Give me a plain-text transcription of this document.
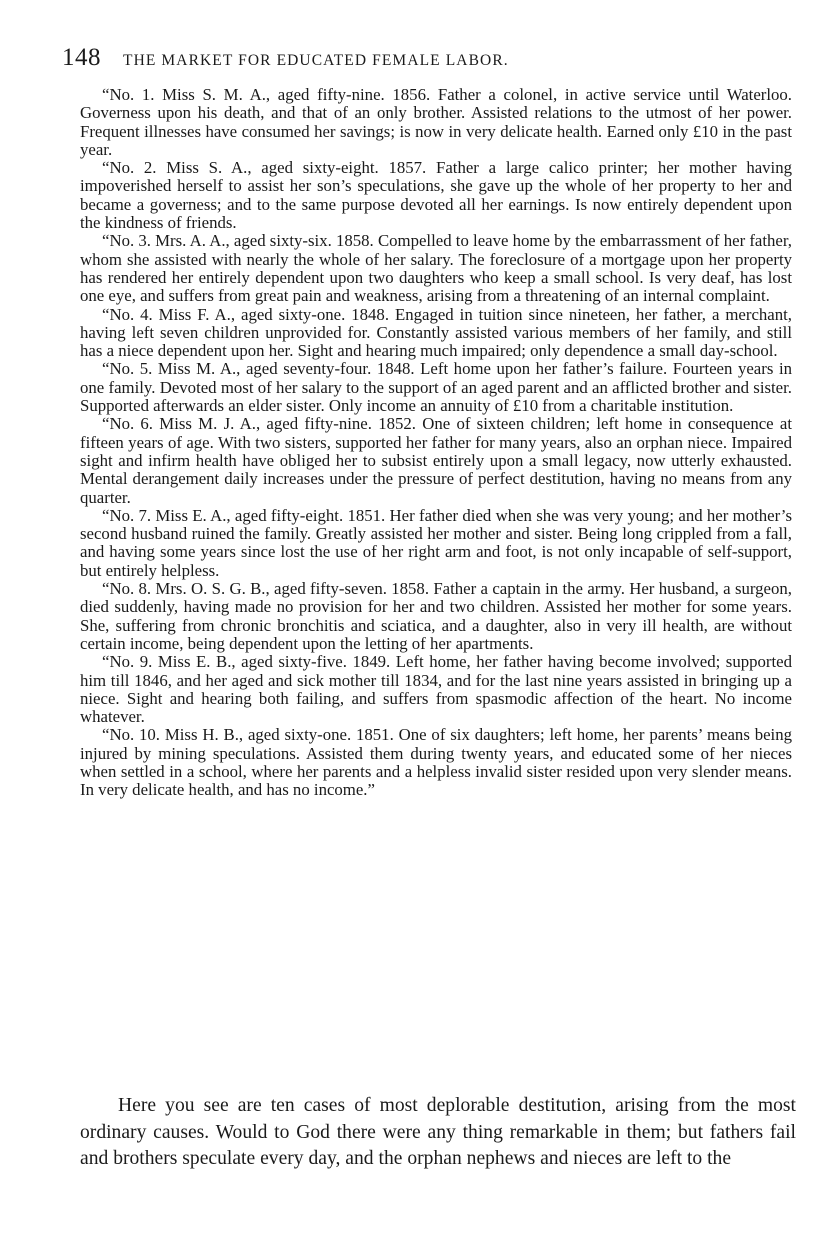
148 THE MARKET FOR EDUCATED FEMALE LABOR.

“No. 1. Miss S. M. A., aged fifty-nine. 1856. Father a colonel, in active service until Waterloo. Governess upon his death, and that of an only brother. Assisted relations to the utmost of her power. Frequent illnesses have consumed her savings; is now in very delicate health. Earned only £10 in the past year.

“No. 2. Miss S. A., aged sixty-eight. 1857. Father a large calico printer; her mother having impoverished herself to assist her son’s speculations, she gave up the whole of her property to her and became a governess; and to the same purpose devoted all her earnings. Is now entirely dependent upon the kindness of friends.

“No. 3. Mrs. A. A., aged sixty-six. 1858. Compelled to leave home by the embarrassment of her father, whom she assisted with nearly the whole of her salary. The foreclosure of a mortgage upon her property has rendered her entirely dependent upon two daughters who keep a small school. Is very deaf, has lost one eye, and suffers from great pain and weakness, arising from a threatening of an internal complaint.

“No. 4. Miss F. A., aged sixty-one. 1848. Engaged in tuition since nineteen, her father, a merchant, having left seven children unprovided for. Constantly assisted various members of her family, and still has a niece dependent upon her. Sight and hearing much impaired; only dependence a small day-school.

“No. 5. Miss M. A., aged seventy-four. 1848. Left home upon her father’s failure. Fourteen years in one family. Devoted most of her salary to the support of an aged parent and an afflicted brother and sister. Supported afterwards an elder sister. Only income an annuity of £10 from a charitable institution.

“No. 6. Miss M. J. A., aged fifty-nine. 1852. One of sixteen children; left home in consequence at fifteen years of age. With two sisters, supported her father for many years, also an orphan niece. Impaired sight and infirm health have obliged her to subsist entirely upon a small legacy, now utterly exhausted. Mental derangement daily increases under the pressure of perfect destitution, having no means from any quarter.

“No. 7. Miss E. A., aged fifty-eight. 1851. Her father died when she was very young; and her mother’s second husband ruined the family. Greatly assisted her mother and sister. Being long crippled from a fall, and having some years since lost the use of her right arm and foot, is not only incapable of self-support, but entirely helpless.

“No. 8. Mrs. O. S. G. B., aged fifty-seven. 1858. Father a captain in the army. Her husband, a surgeon, died suddenly, having made no provision for her and two children. Assisted her mother for some years. She, suffering from chronic bronchitis and sciatica, and a daughter, also in very ill health, are without certain income, being dependent upon the letting of her apartments.

“No. 9. Miss E. B., aged sixty-five. 1849. Left home, her father having become involved; supported him till 1846, and her aged and sick mother till 1834, and for the last nine years assisted in bringing up a niece. Sight and hearing both failing, and suffers from spasmodic affection of the heart. No income whatever.

“No. 10. Miss H. B., aged sixty-one. 1851. One of six daughters; left home, her parents’ means being injured by mining speculations. Assisted them during twenty years, and educated some of her nieces when settled in a school, where her parents and a helpless invalid sister resided upon very slender means. In very delicate health, and has no income.”

Here you see are ten cases of most deplorable destitution, arising from the most ordinary causes. Would to God there were any thing remarkable in them; but fathers fail and brothers speculate every day, and the orphan nephews and nieces are left to the
